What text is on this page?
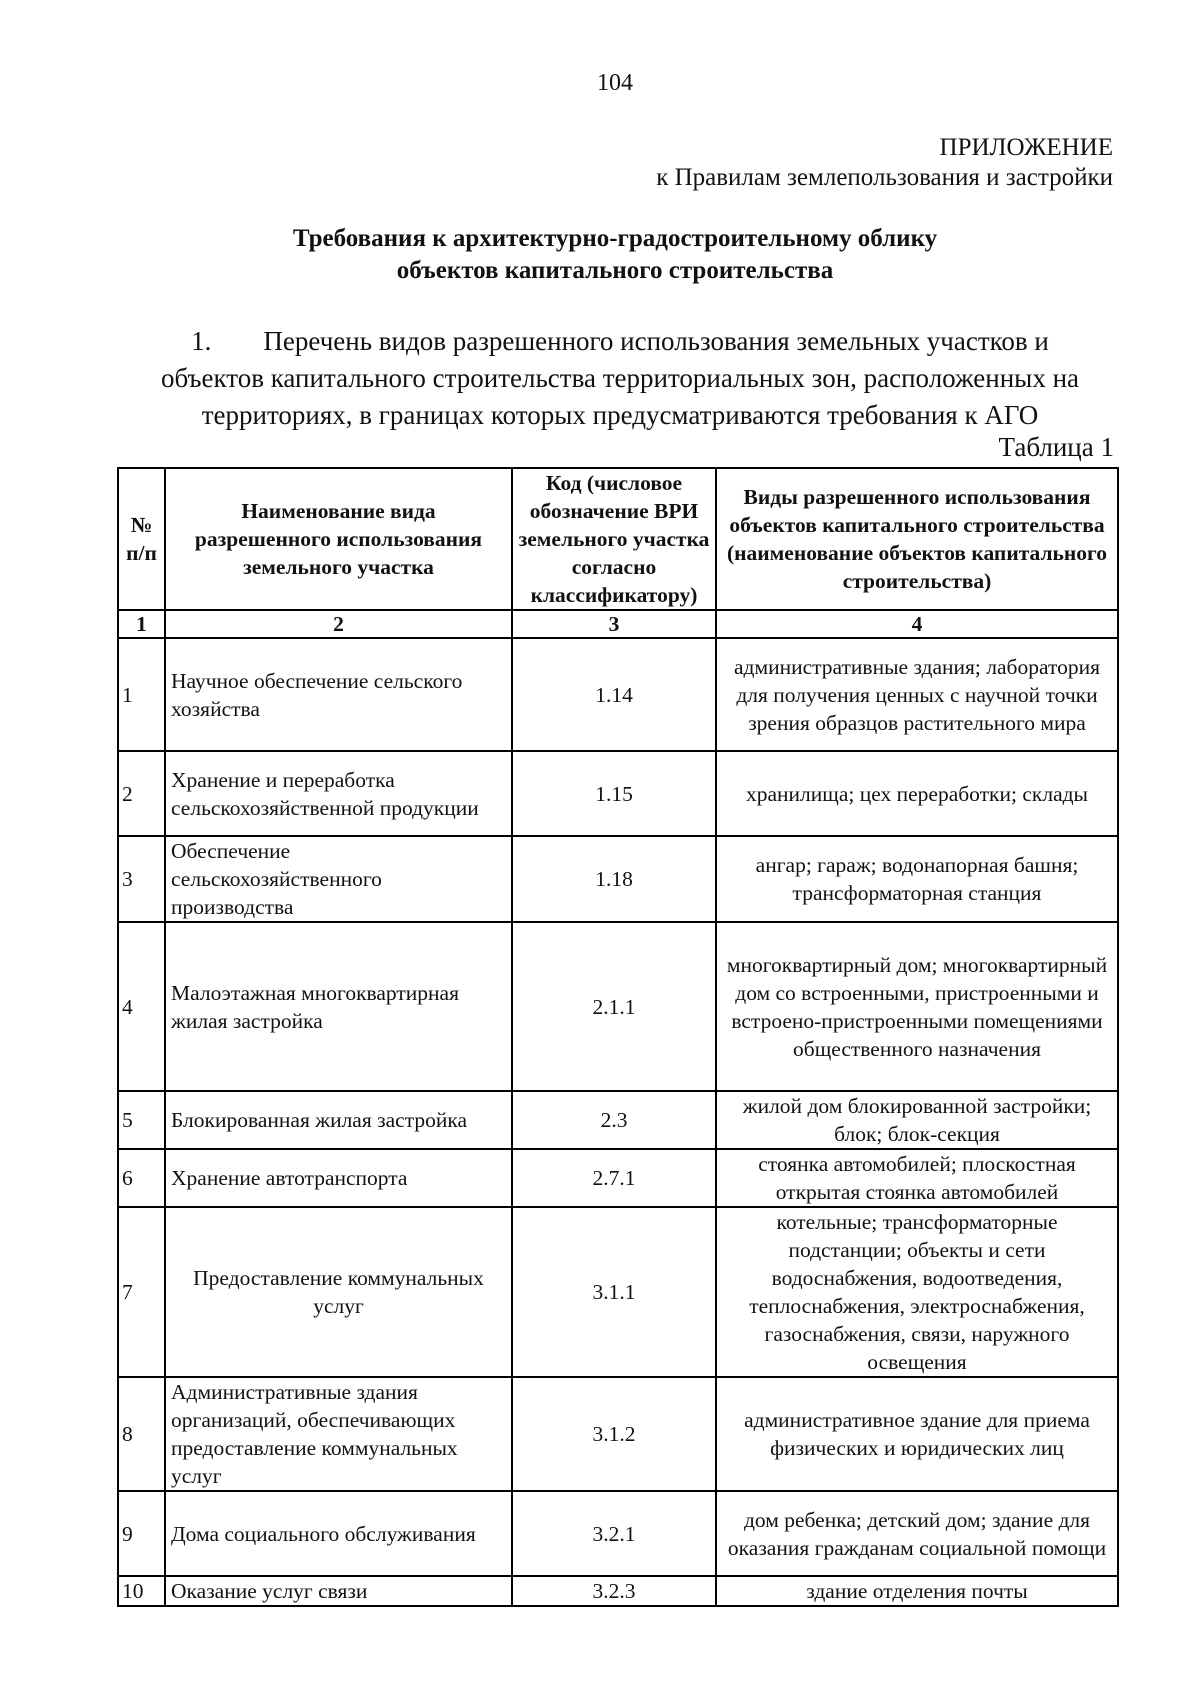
104
ПРИЛОЖЕНИЕ
к Правилам землепользования и застройки
Требования к архитектурно-градостроительному облику
объектов капитального строительства
1. Перечень видов разрешенного использования земельных участков и
объектов капитального строительства территориальных зон, расположенных на
территориях, в границах которых предусматриваются требования к АГО
Таблица 1
№ п/п	Наименование вида разрешенного использования земельного участка	Код (числовое обозначение ВРИ земельного участка согласно классификатору)	Виды разрешенного использования объектов капитального строительства (наименование объектов капитального строительства)
1	2	3	4
1	Научное обеспечение сельского хозяйства	1.14	административные здания; лаборатория для получения ценных с научной точки зрения образцов растительного мира
2	Хранение и переработка сельскохозяйственной продукции	1.15	хранилища; цех переработки; склады
3	Обеспечение сельскохозяйственного производства	1.18	ангар; гараж; водонапорная башня; трансформаторная станция
4	Малоэтажная многоквартирная жилая застройка	2.1.1	многоквартирный дом; многоквартирный дом со встроенными, пристроенными и встроено-пристроенными помещениями общественного назначения
5	Блокированная жилая застройка	2.3	жилой дом блокированной застройки; блок; блок-секция
6	Хранение автотранспорта	2.7.1	стоянка автомобилей; плоскостная открытая стоянка автомобилей
7	Предоставление коммунальных услуг	3.1.1	котельные; трансформаторные подстанции; объекты и сети водоснабжения, водоотведения, теплоснабжения, электроснабжения, газоснабжения, связи, наружного освещения
8	Административные здания организаций, обеспечивающих предоставление коммунальных услуг	3.1.2	административное здание для приема физических и юридических лиц
9	Дома социального обслуживания	3.2.1	дом ребенка; детский дом; здание для оказания гражданам социальной помощи
10	Оказание услуг связи	3.2.3	здание отделения почты
